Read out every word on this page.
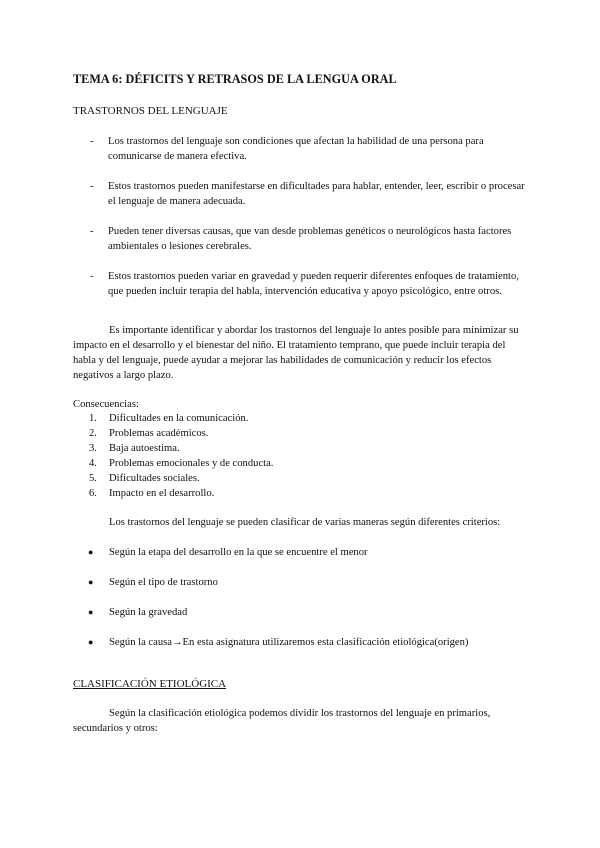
TEMA 6: DÉFICITS Y RETRASOS DE LA LENGUA ORAL
TRASTORNOS DEL LENGUAJE
- Los trastornos del lenguaje son condiciones que afectan la habilidad de una persona para comunicarse de manera efectiva.
- Estos trastornos pueden manifestarse en dificultades para hablar, entender, leer, escribir o procesar el lenguaje de manera adecuada.
- Pueden tener diversas causas, que van desde problemas genéticos o neurológicos hasta factores ambientales o lesiones cerebrales.
- Estos trastornos pueden variar en gravedad y pueden requerir diferentes enfoques de tratamiento, que pueden incluir terapia del habla, intervención educativa y apoyo psicológico, entre otros.

Es importante identificar y abordar los trastornos del lenguaje lo antes posible para minimizar su impacto en el desarrollo y el bienestar del niño. El tratamiento temprano, que puede incluir terapia del habla y del lenguaje, puede ayudar a mejorar las habilidades de comunicación y reducir los efectos negativos a largo plazo.

Consecuencias:
1. Dificultades en la comunicación.
2. Problemas académicos.
3. Baja autoestima.
4. Problemas emocionales y de conducta.
5. Dificultades sociales.
6. Impacto en el desarrollo.

Los trastornos del lenguaje se pueden clasificar de varias maneras según diferentes criterios:

● Según la etapa del desarrollo en la que se encuentre el menor
● Según el tipo de trastorno
● Según la gravedad
● Según la causa→En esta asignatura utilizaremos esta clasificación etiológica(origen)
CLASIFICACIÓN ETIOLÓGICA

Según la clasificación etiológica podemos dividir los trastornos del lenguaje en primarios, secundarios y otros:
